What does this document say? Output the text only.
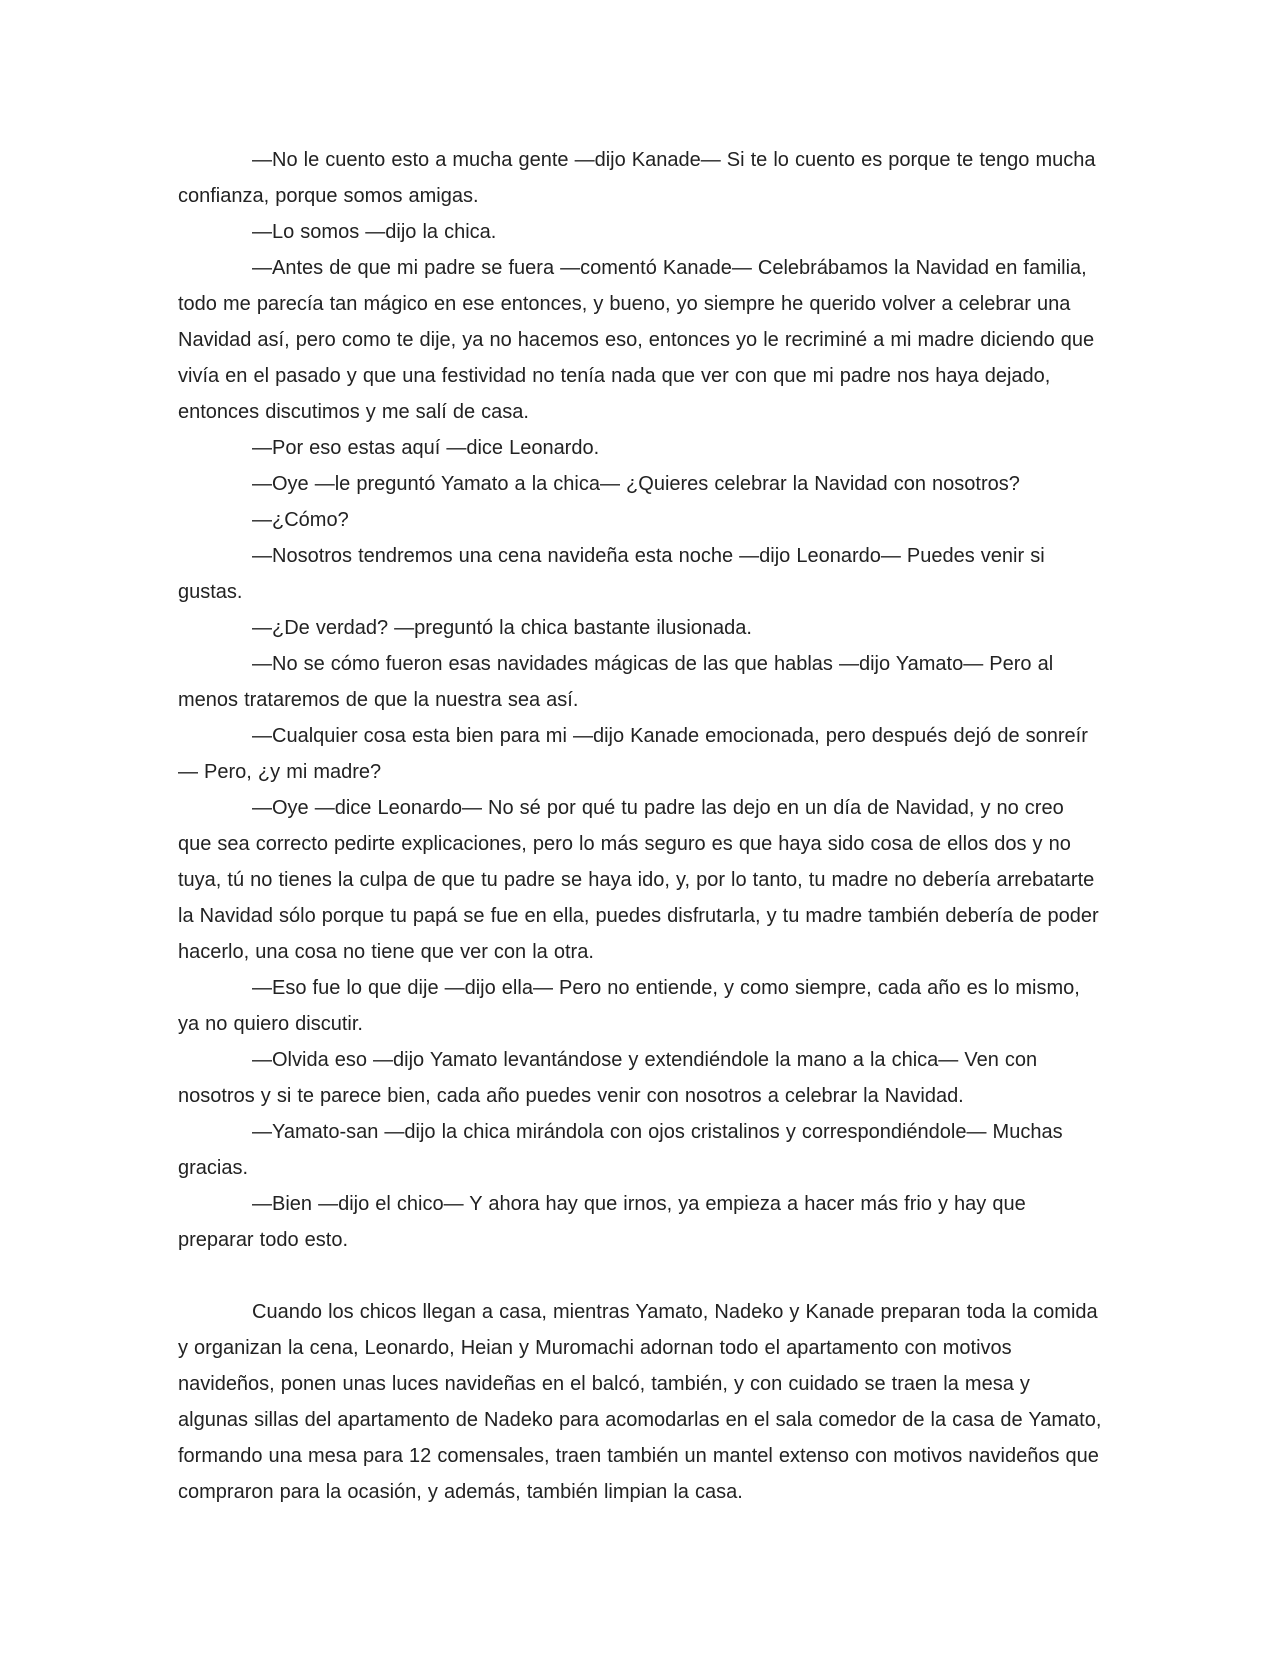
—No le cuento esto a mucha gente —dijo Kanade— Si te lo cuento es porque te tengo mucha confianza, porque somos amigas.

—Lo somos —dijo la chica.

—Antes de que mi padre se fuera —comentó Kanade— Celebrábamos la Navidad en familia, todo me parecía tan mágico en ese entonces, y bueno, yo siempre he querido volver a celebrar una Navidad así, pero como te dije, ya no hacemos eso, entonces yo le recriminé a mi madre diciendo que vivía en el pasado y que una festividad no tenía nada que ver con que mi padre nos haya dejado, entonces discutimos y me salí de casa.

—Por eso estas aquí —dice Leonardo.

—Oye —le preguntó Yamato a la chica— ¿Quieres celebrar la Navidad con nosotros?

—¿Cómo?

—Nosotros tendremos una cena navideña esta noche —dijo Leonardo— Puedes venir si gustas.

—¿De verdad? —preguntó la chica bastante ilusionada.

—No se cómo fueron esas navidades mágicas de las que hablas —dijo Yamato— Pero al menos trataremos de que la nuestra sea así.

—Cualquier cosa esta bien para mi —dijo Kanade emocionada, pero después dejó de sonreír— Pero, ¿y mi madre?

—Oye —dice Leonardo— No sé por qué tu padre las dejo en un día de Navidad, y no creo que sea correcto pedirte explicaciones, pero lo más seguro es que haya sido cosa de ellos dos y no tuya, tú no tienes la culpa de que tu padre se haya ido, y, por lo tanto, tu madre no debería arrebatarte la Navidad sólo porque tu papá se fue en ella, puedes disfrutarla, y tu madre también debería de poder hacerlo, una cosa no tiene que ver con la otra.

—Eso fue lo que dije —dijo ella— Pero no entiende, y como siempre, cada año es lo mismo, ya no quiero discutir.

—Olvida eso —dijo Yamato levantándose y extendiéndole la mano a la chica— Ven con nosotros y si te parece bien, cada año puedes venir con nosotros a celebrar la Navidad.

—Yamato-san —dijo la chica mirándola con ojos cristalinos y correspondiéndole— Muchas gracias.

—Bien —dijo el chico— Y ahora hay que irnos, ya empieza a hacer más frio y hay que preparar todo esto.

Cuando los chicos llegan a casa, mientras Yamato, Nadeko y Kanade preparan toda la comida y organizan la cena, Leonardo, Heian y Muromachi adornan todo el apartamento con motivos navideños, ponen unas luces navideñas en el balcó, también, y con cuidado se traen la mesa y algunas sillas del apartamento de Nadeko para acomodarlas en el sala comedor de la casa de Yamato, formando una mesa para 12 comensales, traen también un mantel extenso con motivos navideños que compraron para la ocasión, y además, también limpian la casa.
